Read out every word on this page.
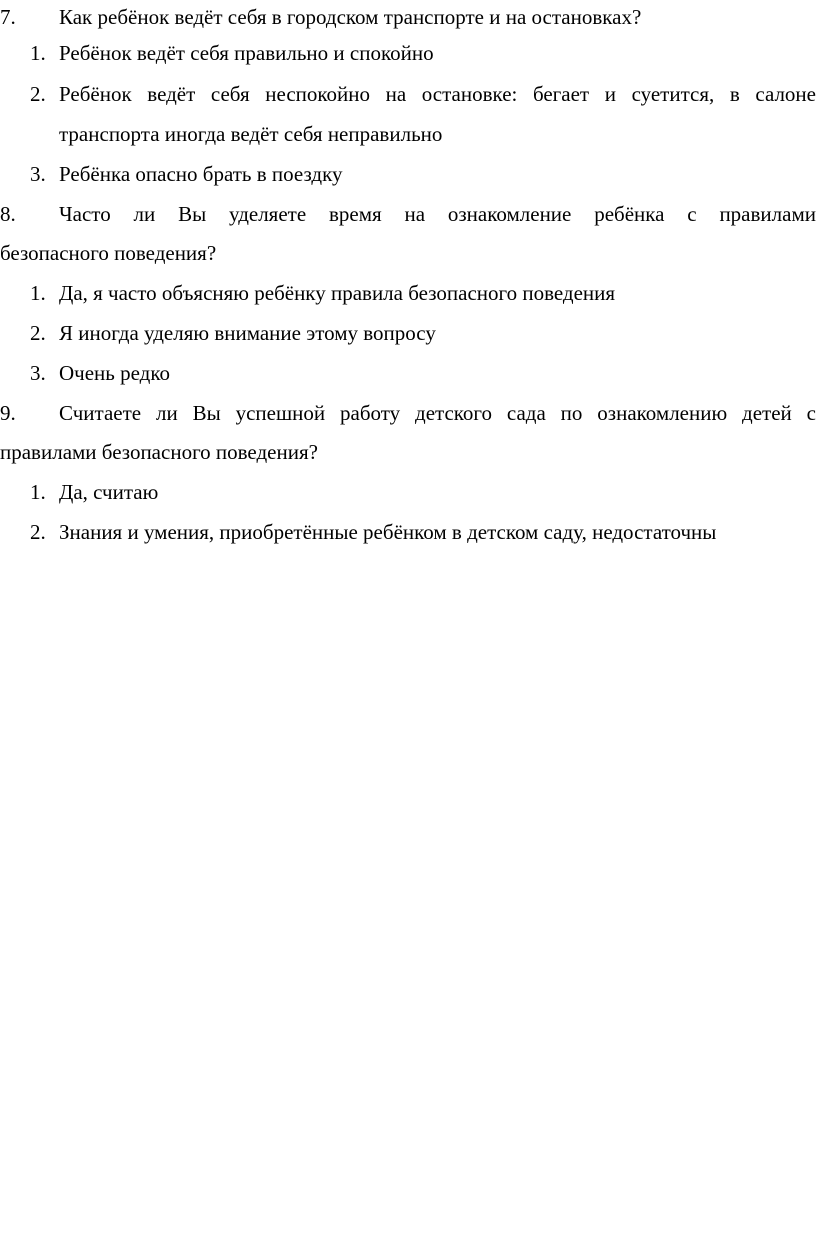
7. Как ребёнок ведёт себя в городском транспорте и на остановках?
1. Ребёнок ведёт себя правильно и спокойно
2. Ребёнок ведёт себя неспокойно на остановке: бегает и суетится, в салоне
транспорта иногда ведёт себя неправильно
3. Ребёнка опасно брать в поездку
8. Часто ли Вы уделяете время на ознакомление ребёнка с правилами
безопасного поведения?
1. Да, я часто объясняю ребёнку правила безопасного поведения
2. Я иногда уделяю внимание этому вопросу
3. Очень редко
9. Считаете ли Вы успешной работу детского сада по ознакомлению детей с
правилами безопасного поведения?
1. Да, считаю
2. Знания и умения, приобретённые ребёнком в детском саду, недостаточны
